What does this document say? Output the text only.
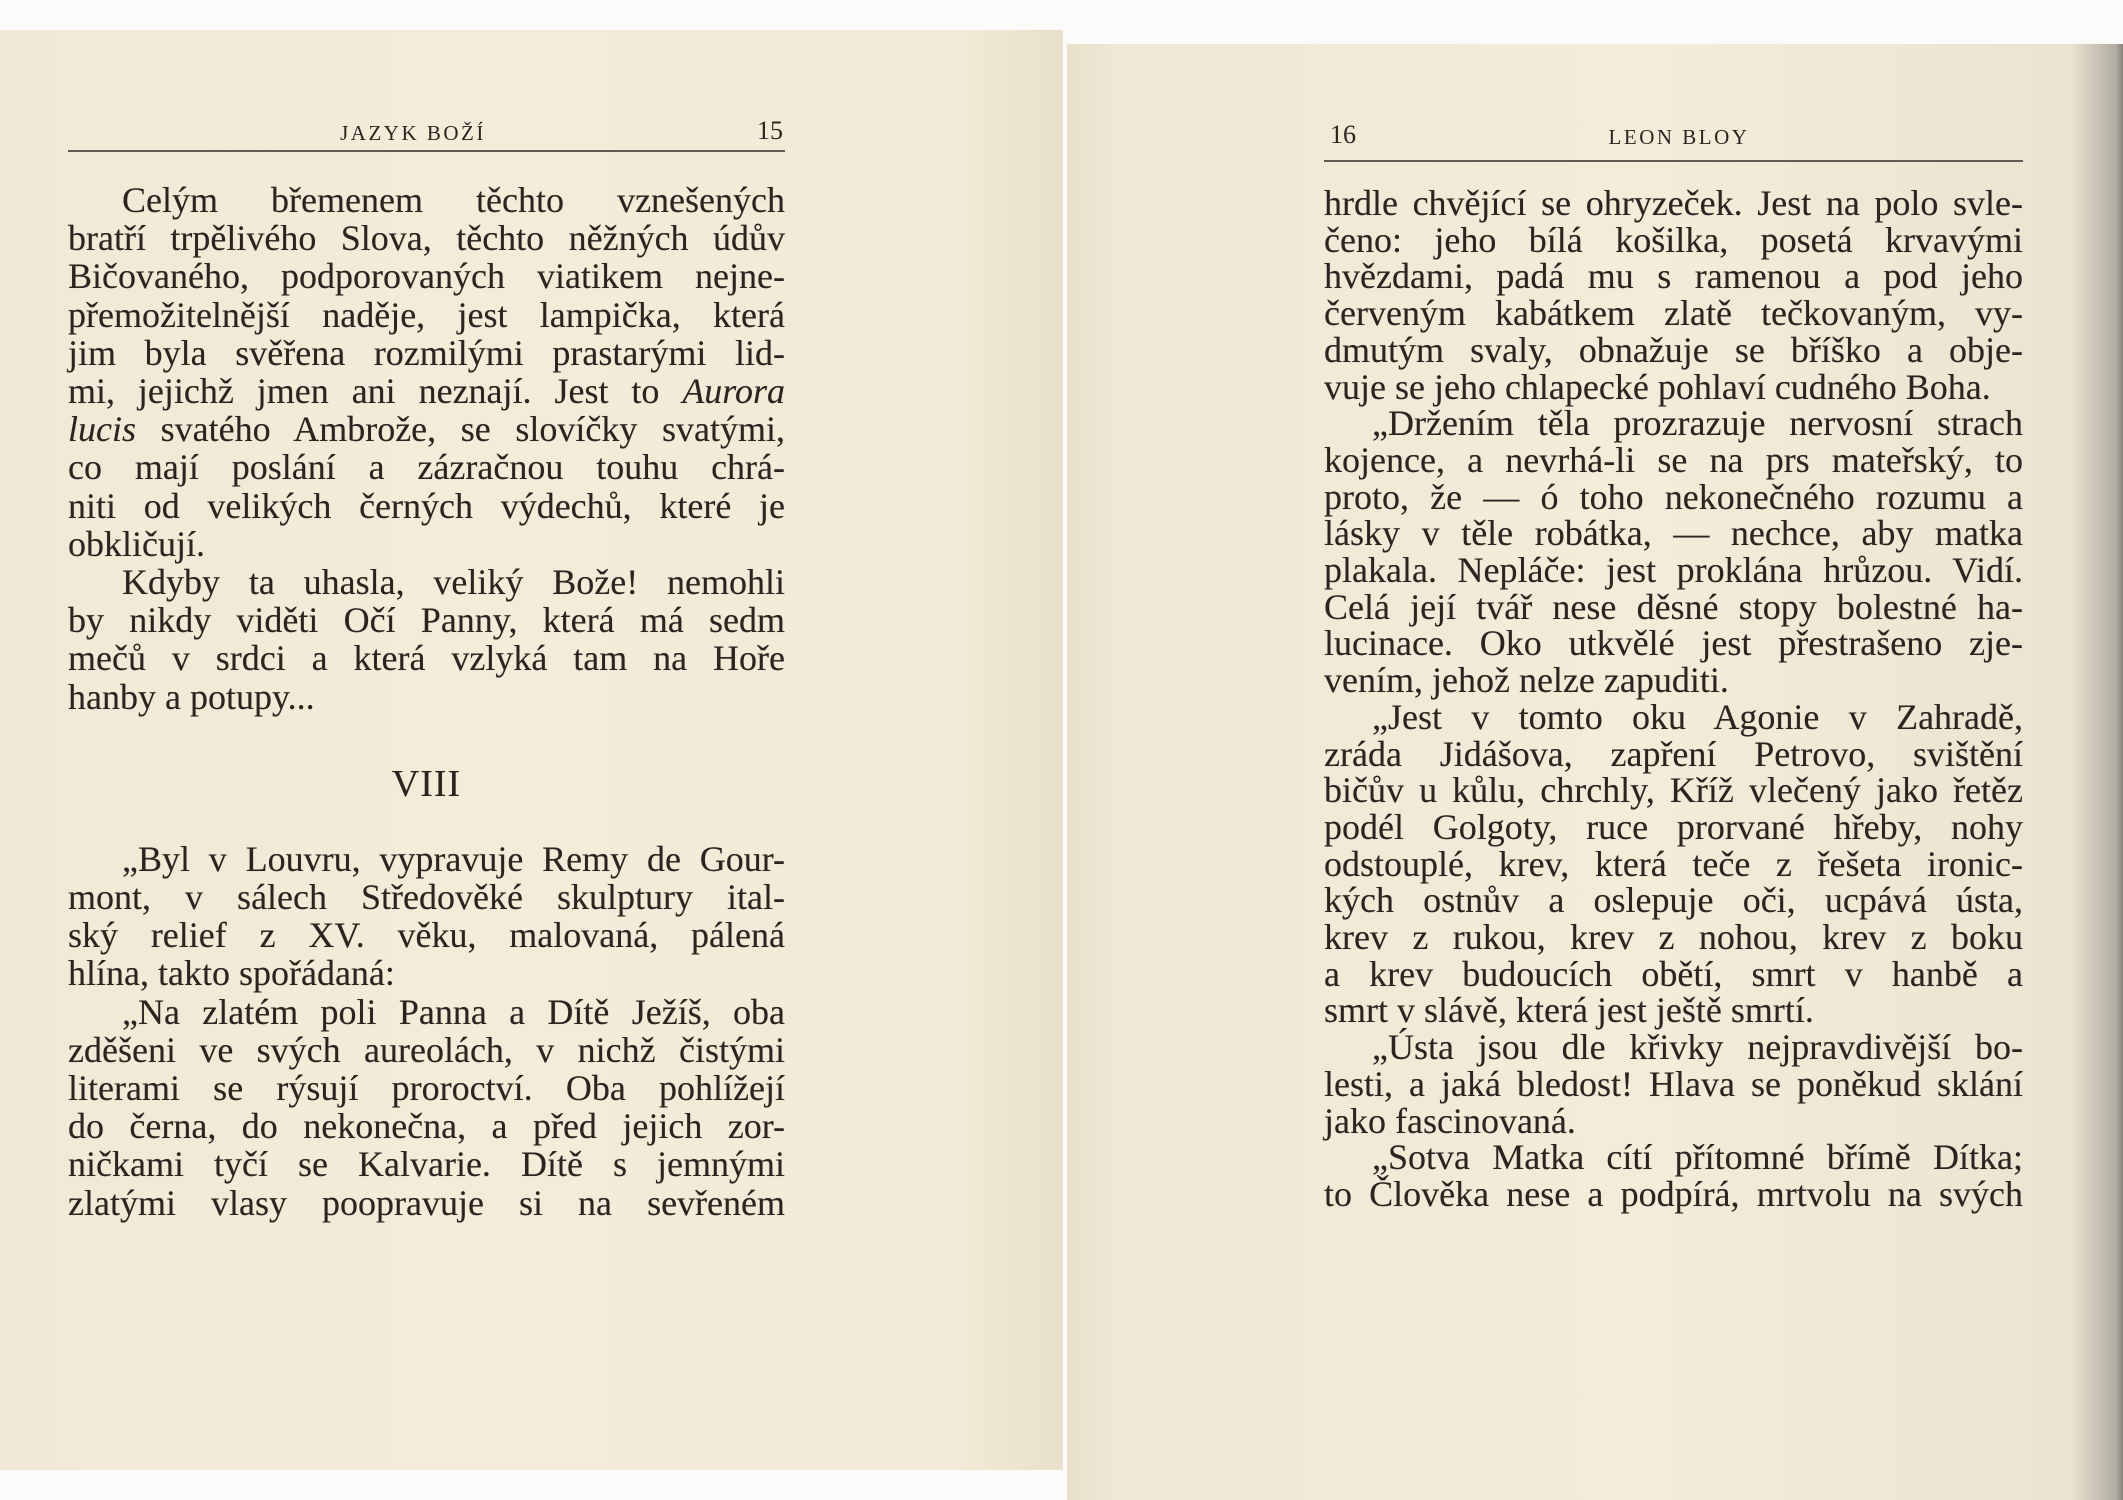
JAZYK BOŽÍ	15
Celým břemenem těchto vznešených
bratří trpělivého Slova, těchto něžných údův
Bičovaného, podporovaných viatikem nejne-
přemožitelnější naděje, jest lampička, která
jim byla svěřena rozmilými prastarými lid-
mi, jejichž jmen ani neznají. Jest to Aurora
lucis svatého Ambrože, se slovíčky svatými,
co mají poslání a zázračnou touhu chrá-
niti od velikých černých výdechů, které je
obkličují.
Kdyby ta uhasla, veliký Bože! nemohli
by nikdy viděti Očí Panny, která má sedm
mečů v srdci a která vzlyká tam na Hoře
hanby a potupy...
VIII
„Byl v Louvru, vypravuje Remy de Gour-
mont, v sálech Středověké skulptury ital-
ský relief z XV. věku, malovaná, pálená
hlína, takto spořádaná:
„Na zlatém poli Panna a Dítě Ježíš, oba
zděšeni ve svých aureolách, v nichž čistými
literami se rýsují proroctví. Oba pohlížejí
do černa, do nekonečna, a před jejich zor-
ničkami tyčí se Kalvarie. Dítě s jemnými
zlatými vlasy poopravuje si na sevřeném
16	LEON BLOY
hrdle chvějící se ohryzeček. Jest na polo svle-
čeno: jeho bílá košilka, posetá krvavými
hvězdami, padá mu s ramenou a pod jeho
červeným kabátkem zlatě tečkovaným, vy-
dmutým svaly, obnažuje se bříško a obje-
vuje se jeho chlapecké pohlaví cudného Boha.
„Držením těla prozrazuje nervosní strach
kojence, a nevrhá-li se na prs mateřský, to
proto, že — ó toho nekonečného rozumu a
lásky v těle robátka, — nechce, aby matka
plakala. Nepláče: jest proklána hrůzou. Vidí.
Celá její tvář nese děsné stopy bolestné ha-
lucinace. Oko utkvělé jest přestrašeno zje-
vením, jehož nelze zapuditi.
„Jest v tomto oku Agonie v Zahradě,
zráda Jidášova, zapření Petrovo, svištění
bičův u kůlu, chrchly, Kříž vlečený jako řetěz
podél Golgoty, ruce prorvané hřeby, nohy
odstouplé, krev, která teče z řešeta ironic-
kých ostnův a oslepuje oči, ucpává ústa,
krev z rukou, krev z nohou, krev z boku
a krev budoucích obětí, smrt v hanbě a
smrt v slávě, která jest ještě smrtí.
„Ústa jsou dle křivky nejpravdivější bo-
lesti, a jaká bledost! Hlava se poněkud sklání
jako fascinovaná.
„Sotva Matka cítí přítomné břímě Dítka;
to Člověka nese a podpírá, mrtvolu na svých
